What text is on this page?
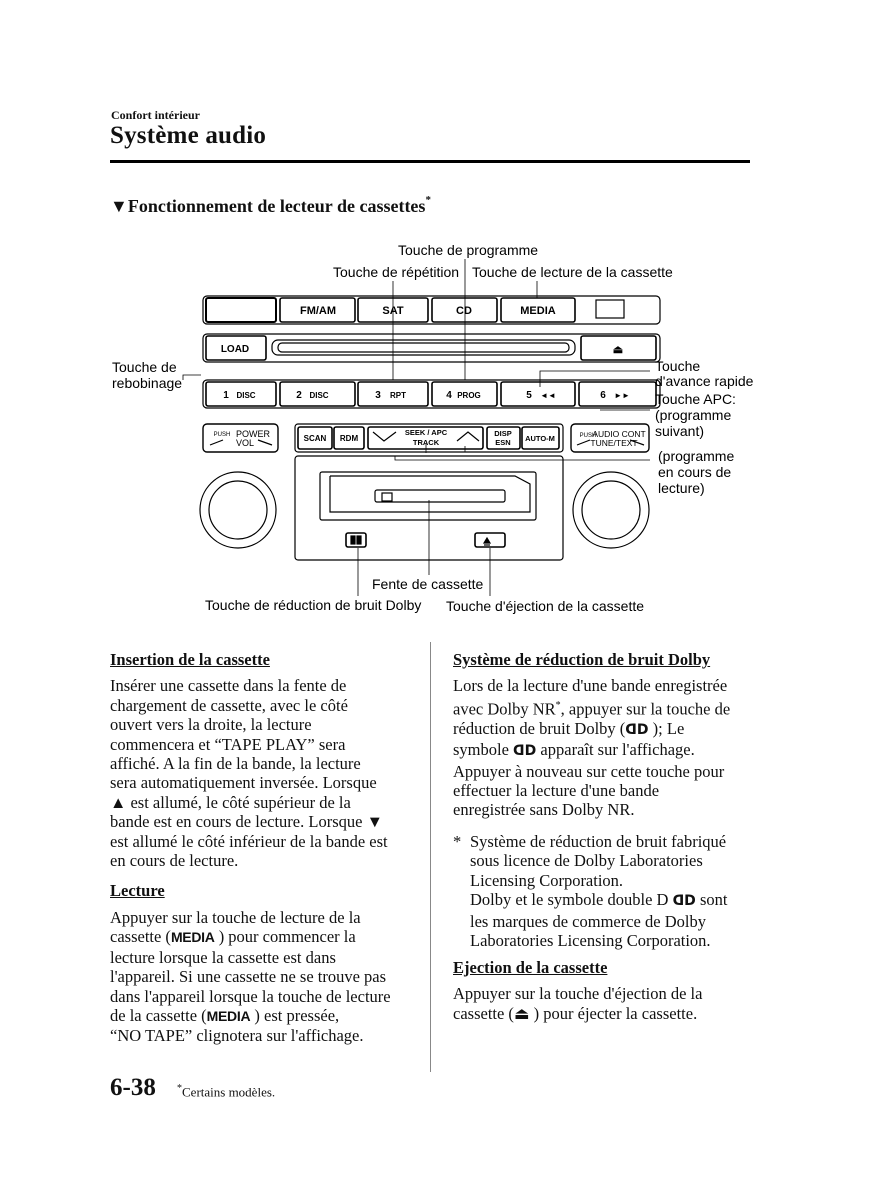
Confort intérieur
Système audio
▼Fonctionnement de lecteur de cassettes*
FM/AM	SAT	CD	MEDIA
LOAD	⏏
1 DISC	2 DISC	3 RPT	4 PROG	5 ◄◄	6 ►►
PUSH POWER
VOL	SCAN RDM
SEEK / APC
TRACK
DISP
ESN AUTO-M	PUSH
AUDIO CONT
TUNE/TEXT
Touche de programme
Touche de répétition Touche de lecture de la cassette
Touche de
rebobinage
Touche
d'avance rapide
Touche APC:
(programme
suivant)
(programme
en cours de
lecture)
Fente de cassette
Touche de réduction de bruit Dolby Touche d'éjection de la cassette
Insertion de la cassette
Insérer une cassette dans la fente de
chargement de cassette, avec le côté
ouvert vers la droite, la lecture
commencera et “TAPE PLAY” sera
affiché. A la fin de la bande, la lecture
sera automatiquement inversée. Lorsque
▲ est allumé, le côté supérieur de la
bande est en cours de lecture. Lorsque ▼
est allumé le côté inférieur de la bande est
en cours de lecture.
Lecture
Appuyer sur la touche de lecture de la
cassette (MEDIA ) pour commencer la
lecture lorsque la cassette est dans
l'appareil. Si une cassette ne se trouve pas
dans l'appareil lorsque la touche de lecture
de la cassette (MEDIA ) est pressée,
“NO TAPE” clignotera sur l'affichage.
Système de réduction de bruit Dolby
Lors de la lecture d'une bande enregistrée
avec Dolby NR*, appuyer sur la touche de
réduction de bruit Dolby (ᗡᗞ ); Le
symbole ᗡᗞ apparaît sur l'affichage.
Appuyer à nouveau sur cette touche pour
effectuer la lecture d'une bande
enregistrée sans Dolby NR.
* Système de réduction de bruit fabriqué
sous licence de Dolby Laboratories
Licensing Corporation.
Dolby et le symbole double D ᗡᗞ sont
les marques de commerce de Dolby
Laboratories Licensing Corporation.
Ejection de la cassette
Appuyer sur la touche d'éjection de la
cassette (⏏ ) pour éjecter la cassette.
6-38 *Certains modèles.
